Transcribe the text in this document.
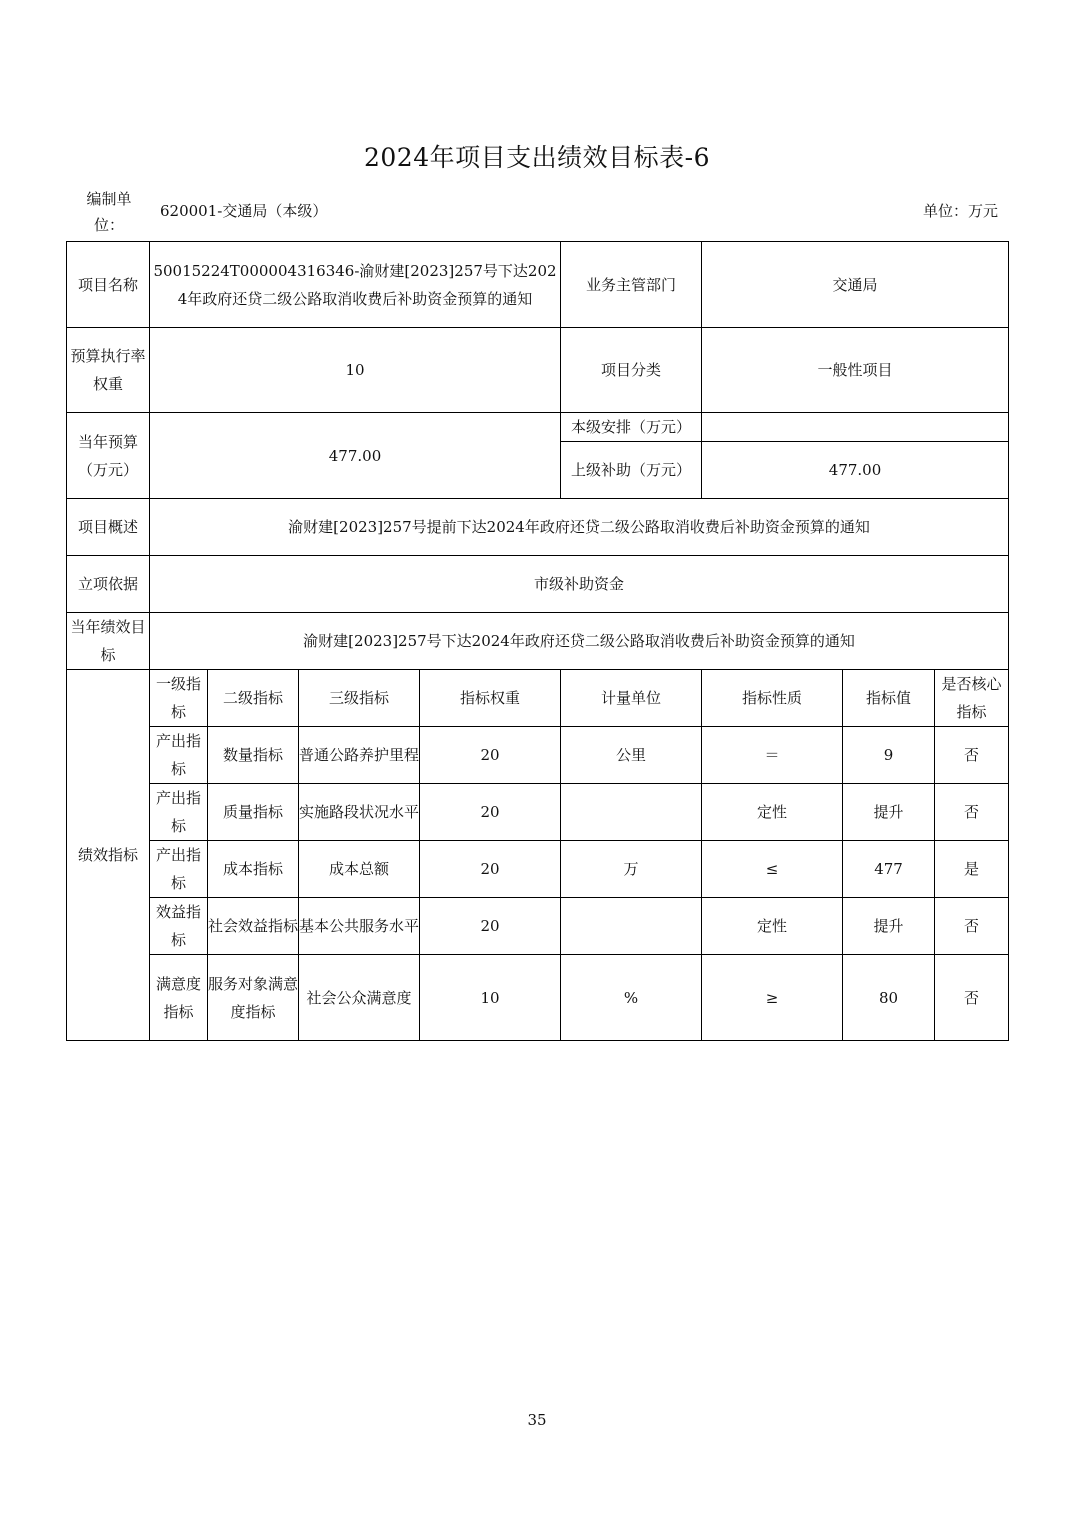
2024年项目支出绩效目标表-6
编制单位：
620001-交通局（本级）	单位：万元
项目名称	50015224T000004316346-渝财建[2023]257号下达2024年政府还贷二级公路取消收费后补助资金预算的通知				业务主管部门	交通局		
预算执行率权重	10				项目分类	一般性项目		
当年预算（万元）	477.00				本级安排（万元）			
					上级补助（万元）	477.00		
项目概述	渝财建[2023]257号提前下达2024年政府还贷二级公路取消收费后补助资金预算的通知							
立项依据	市级补助资金							
当年绩效目标	渝财建[2023]257号下达2024年政府还贷二级公路取消收费后补助资金预算的通知							
绩效指标	一级指标	二级指标	三级指标	指标权重	计量单位	指标性质	指标值	是否核心指标
	产出指标	数量指标	普通公路养护里程	20	公里	＝	9	否
	产出指标	质量指标	实施路段状况水平	20		定性	提升	否
	产出指标	成本指标	成本总额	20	万	≤	477	是
	效益指标	社会效益指标	基本公共服务水平	20		定性	提升	否
	满意度指标	服务对象满意度指标	社会公众满意度	10	%	≥	80	否
35
